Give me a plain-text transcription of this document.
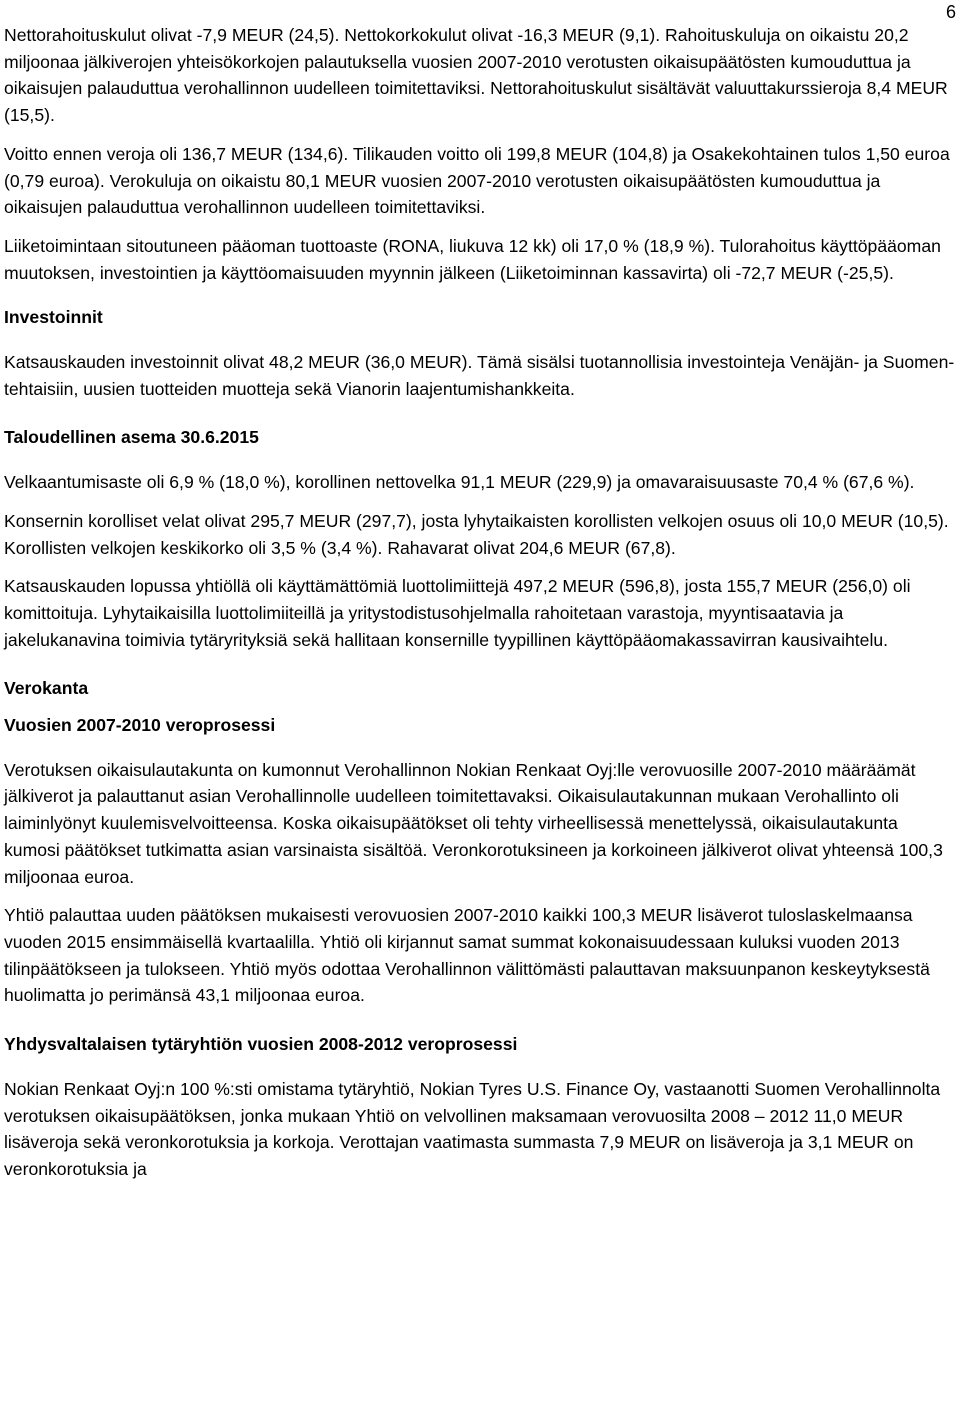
6

Nettorahoituskulut olivat -7,9 MEUR (24,5). Nettokorkokulut olivat -16,3 MEUR (9,1). Rahoituskuluja on oikaistu 20,2 miljoonaa jälkiverojen yhteisökorkojen palautuksella vuosien 2007-2010 verotusten oikaisupäätösten kumouduttua ja oikaisujen palauduttua verohallinnon uudelleen toimitettaviksi. Nettorahoituskulut sisältävät valuuttakurssieroja 8,4 MEUR (15,5).

Voitto ennen veroja oli 136,7 MEUR (134,6). Tilikauden voitto oli 199,8 MEUR (104,8) ja Osakekohtainen tulos 1,50 euroa (0,79 euroa). Verokuluja on oikaistu 80,1 MEUR vuosien 2007-2010 verotusten oikaisupäätösten kumouduttua ja oikaisujen palauduttua verohallinnon uudelleen toimitettaviksi.

Liiketoimintaan sitoutuneen pääoman tuottoaste (RONA, liukuva 12 kk) oli 17,0 % (18,9 %). Tulorahoitus käyttöpääoman muutoksen, investointien ja käyttöomaisuuden myynnin jälkeen (Liiketoiminnan kassavirta) oli -72,7 MEUR (-25,5).

Investoinnit

Katsauskauden investoinnit olivat 48,2 MEUR (36,0 MEUR). Tämä sisälsi tuotannollisia investointeja Venäjän- ja Suomen-tehtaisiin, uusien tuotteiden muotteja sekä Vianorin laajentumishankkeita.

Taloudellinen asema 30.6.2015

Velkaantumisaste oli 6,9 % (18,0 %), korollinen nettovelka 91,1 MEUR (229,9) ja omavaraisuusaste 70,4 % (67,6 %).

Konsernin korolliset velat olivat 295,7 MEUR (297,7), josta lyhytaikaisten korollisten velkojen osuus oli 10,0 MEUR (10,5). Korollisten velkojen keskikorko oli 3,5 % (3,4 %). Rahavarat olivat 204,6 MEUR (67,8).

Katsauskauden lopussa yhtiöllä oli käyttämättömiä luottolimiittejä 497,2 MEUR (596,8), josta 155,7 MEUR (256,0) oli komittoituja. Lyhytaikaisilla luottolimiiteillä ja yritystodistusohjelmalla rahoitetaan varastoja, myyntisaatavia ja jakelukanavina toimivia tytäryrityksiä sekä hallitaan konsernille tyypillinen käyttöpääomakassavirran kausivaihtelu.

Verokanta
Vuosien 2007-2010 veroprosessi

Verotuksen oikaisulautakunta on kumonnut Verohallinnon Nokian Renkaat Oyj:lle verovuosille 2007-2010 määräämät jälkiverot ja palauttanut asian Verohallinnolle uudelleen toimitettavaksi. Oikaisulautakunnan mukaan Verohallinto oli laiminlyönyt kuulemisvelvoitteensa. Koska oikaisupäätökset oli tehty virheellisessä menettelyssä, oikaisulautakunta kumosi päätökset tutkimatta asian varsinaista sisältöä. Veronkorotuksineen ja korkoineen jälkiverot olivat yhteensä 100,3 miljoonaa euroa.

Yhtiö palauttaa uuden päätöksen mukaisesti verovuosien 2007-2010 kaikki 100,3 MEUR lisäverot tuloslaskelmaansa vuoden 2015 ensimmäisellä kvartaalilla. Yhtiö oli kirjannut samat summat kokonaisuudessaan kuluksi vuoden 2013 tilinpäätökseen ja tulokseen. Yhtiö myös odottaa Verohallinnon välittömästi palauttavan maksuunpanon keskeytyksestä huolimatta jo perimänsä 43,1 miljoonaa euroa.

Yhdysvaltalaisen tytäryhtiön vuosien 2008-2012 veroprosessi

Nokian Renkaat Oyj:n 100 %:sti omistama tytäryhtiö, Nokian Tyres U.S. Finance Oy, vastaanotti Suomen Verohallinnolta verotuksen oikaisupäätöksen, jonka mukaan Yhtiö on velvollinen maksamaan verovuosilta 2008 – 2012 11,0 MEUR lisäveroja sekä veronkorotuksia ja korkoja. Verottajan vaatimasta summasta 7,9 MEUR on lisäveroja ja 3,1 MEUR on veronkorotuksia ja
